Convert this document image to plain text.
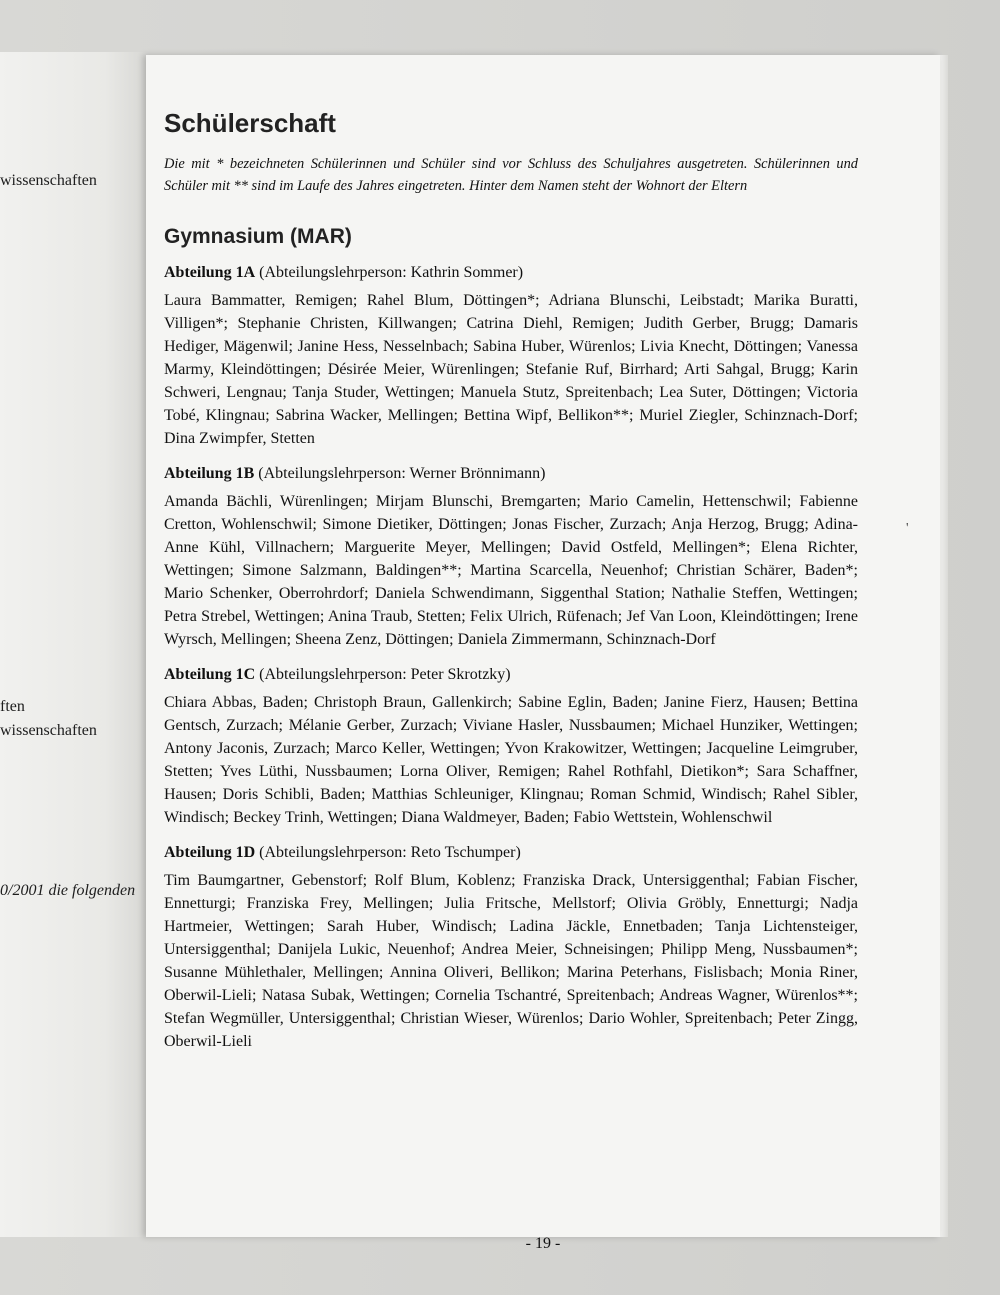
wissenschaften
ften
wissenschaften
0/2001 die folgenden
- 19 -
'
Schülerschaft

Die mit * bezeichneten Schülerinnen und Schüler sind vor Schluss des Schuljahres ausgetreten. Schülerinnen und Schüler mit ** sind im Laufe des Jahres eingetreten. Hinter dem Namen steht der Wohnort der Eltern

Gymnasium (MAR)

Abteilung 1A (Abteilungslehrperson: Kathrin Sommer)

Laura Bammatter, Remigen; Rahel Blum, Döttingen*; Adriana Blunschi, Leibstadt; Marika Buratti, Villigen*; Stephanie Christen, Killwangen; Catrina Diehl, Remigen; Judith Gerber, Brugg; Damaris Hediger, Mägenwil; Janine Hess, Nesselnbach; Sabina Huber, Würenlos; Livia Knecht, Döttingen; Vanessa Marmy, Kleindöttingen; Désirée Meier, Würenlingen; Stefanie Ruf, Birrhard; Arti Sahgal, Brugg; Karin Schweri, Lengnau; Tanja Studer, Wettingen; Manuela Stutz, Spreitenbach; Lea Suter, Döttingen; Victoria Tobé, Klingnau; Sabrina Wacker, Mellingen; Bettina Wipf, Bellikon**; Muriel Ziegler, Schinznach-Dorf; Dina Zwimpfer, Stetten

Abteilung 1B (Abteilungslehrperson: Werner Brönnimann)

Amanda Bächli, Würenlingen; Mirjam Blunschi, Bremgarten; Mario Camelin, Hettenschwil; Fabienne Cretton, Wohlenschwil; Simone Dietiker, Döttingen; Jonas Fischer, Zurzach; Anja Herzog, Brugg; Adina-Anne Kühl, Villnachern; Marguerite Meyer, Mellingen; David Ostfeld, Mellingen*; Elena Richter, Wettingen; Simone Salzmann, Baldingen**; Martina Scarcella, Neuenhof; Christian Schärer, Baden*; Mario Schenker, Oberrohrdorf; Daniela Schwendimann, Siggenthal Station; Nathalie Steffen, Wettingen; Petra Strebel, Wettingen; Anina Traub, Stetten; Felix Ulrich, Rüfenach; Jef Van Loon, Kleindöttingen; Irene Wyrsch, Mellingen; Sheena Zenz, Döttingen; Daniela Zimmermann, Schinznach-Dorf

Abteilung 1C (Abteilungslehrperson: Peter Skrotzky)

Chiara Abbas, Baden; Christoph Braun, Gallenkirch; Sabine Eglin, Baden; Janine Fierz, Hausen; Bettina Gentsch, Zurzach; Mélanie Gerber, Zurzach; Viviane Hasler, Nussbaumen; Michael Hunziker, Wettingen; Antony Jaconis, Zurzach; Marco Keller, Wettingen; Yvon Krakowitzer, Wettingen; Jacqueline Leimgruber, Stetten; Yves Lüthi, Nussbaumen; Lorna Oliver, Remigen; Rahel Rothfahl, Dietikon*; Sara Schaffner, Hausen; Doris Schibli, Baden; Matthias Schleuniger, Klingnau; Roman Schmid, Windisch; Rahel Sibler, Windisch; Beckey Trinh, Wettingen; Diana Waldmeyer, Baden; Fabio Wettstein, Wohlenschwil

Abteilung 1D (Abteilungslehrperson: Reto Tschumper)

Tim Baumgartner, Gebenstorf; Rolf Blum, Koblenz; Franziska Drack, Untersiggenthal; Fabian Fischer, Ennetturgi; Franziska Frey, Mellingen; Julia Fritsche, Mellstorf; Olivia Gröbly, Ennetturgi; Nadja Hartmeier, Wettingen; Sarah Huber, Windisch; Ladina Jäckle, Ennetbaden; Tanja Lichtensteiger, Untersiggenthal; Danijela Lukic, Neuenhof; Andrea Meier, Schneisingen; Philipp Meng, Nussbaumen*; Susanne Mühlethaler, Mellingen; Annina Oliveri, Bellikon; Marina Peterhans, Fislisbach; Monia Riner, Oberwil-Lieli; Natasa Subak, Wettingen; Cornelia Tschantré, Spreitenbach; Andreas Wagner, Würenlos**; Stefan Wegmüller, Untersiggenthal; Christian Wieser, Würenlos; Dario Wohler, Spreitenbach; Peter Zingg, Oberwil-Lieli
